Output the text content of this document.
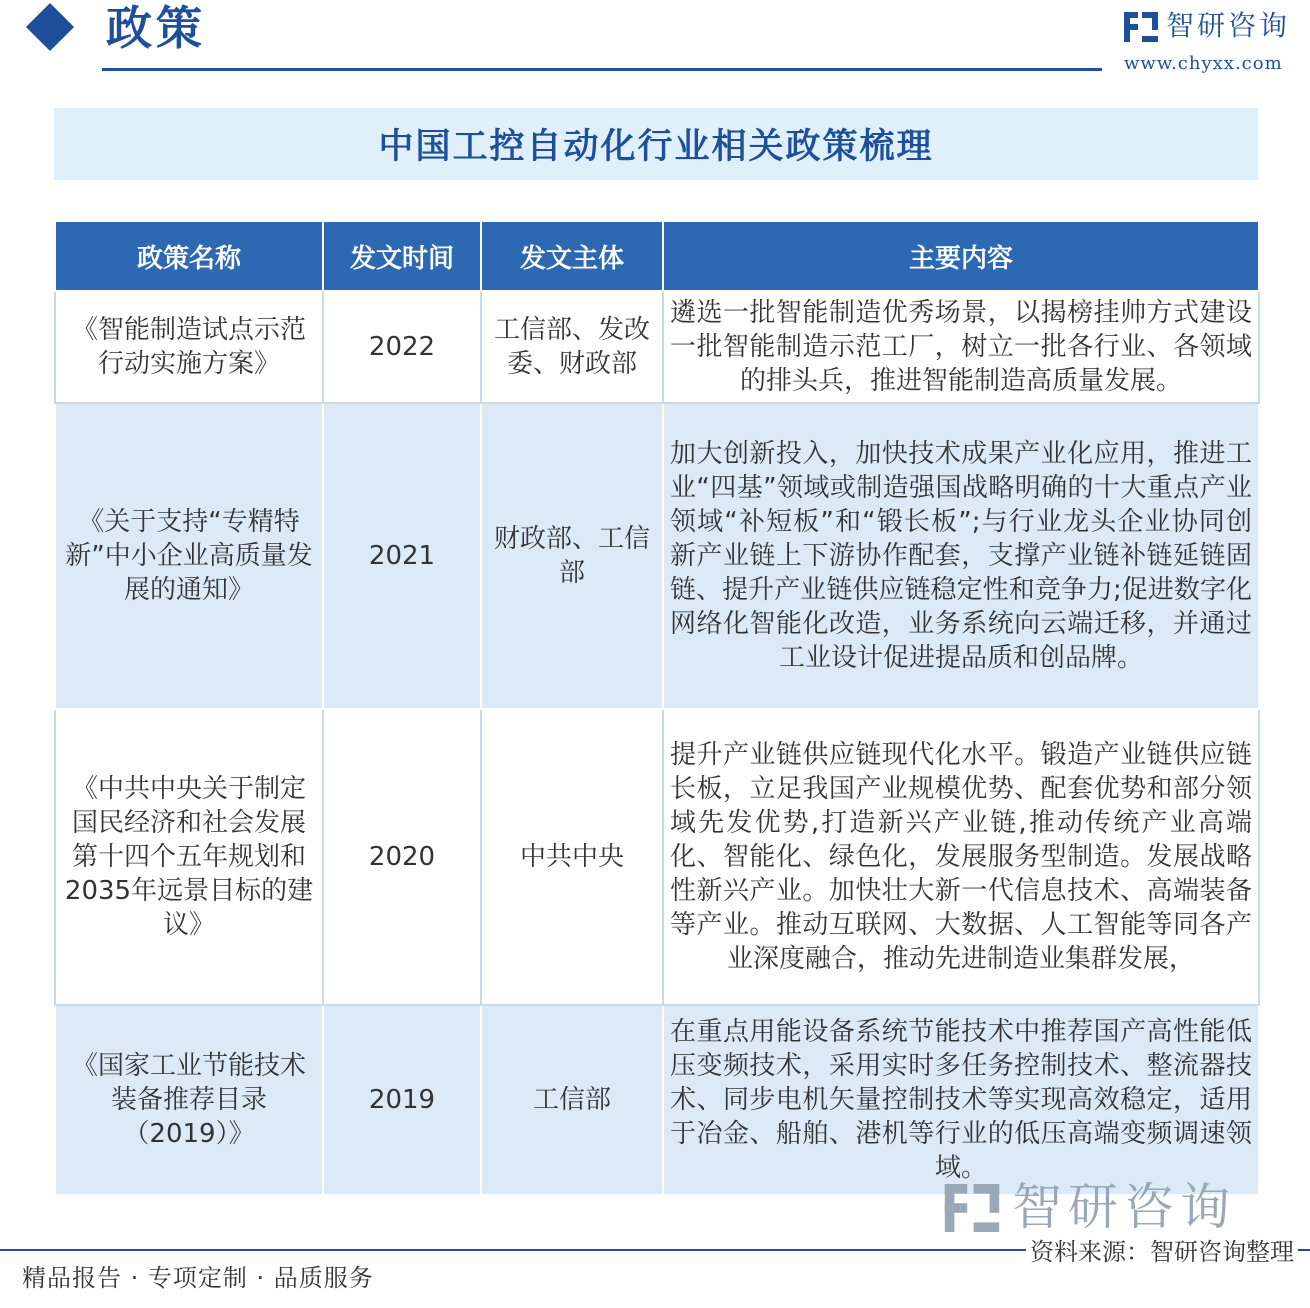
政策	智研咨询
www.chyxx.com
中国工控自动化行业相关政策梳理
政策名称	发文时间	发文主体	主要内容
《智能制造试点示范行动实施方案》	2022	工信部、发改委、财政部	遴选一批智能制造优秀场景，以揭榜挂帅方式建设一批智能制造示范工厂，树立一批各行业、各领域的排头兵，推进智能制造高质量发展。
《关于支持“专精特新”中小企业高质量发展的通知》	2021	财政部、工信部	加大创新投入，加快技术成果产业化应用，推进工业“四基”领域或制造强国战略明确的十大重点产业领域“补短板”和“锻长板”;与行业龙头企业协同创新产业链上下游协作配套，支撑产业链补链延链固链、提升产业链供应链稳定性和竞争力;促进数字化网络化智能化改造，业务系统向云端迁移，并通过工业设计促进提品质和创品牌。
《中共中央关于制定国民经济和社会发展第十四个五年规划和2035年远景目标的建议》	2020	中共中央	提升产业链供应链现代化水平。锻造产业链供应链长板，立足我国产业规模优势、配套优势和部分领域先发优势,打造新兴产业链,推动传统产业高端化、智能化、绿色化，发展服务型制造。发展战略性新兴产业。加快壮大新一代信息技术、高端装备等产业。推动互联网、大数据、人工智能等同各产业深度融合，推动先进制造业集群发展，
《国家工业节能技术装备推荐目录（2019）》	2019	工信部	在重点用能设备系统节能技术中推荐国产高性能低压变频技术，采用实时多任务控制技术、整流器技术、同步电机矢量控制技术等实现高效稳定，适用于冶金、船舶、港机等行业的低压高端变频调速领域。
智研咨询
资料来源：智研咨询整理
精品报告 · 专项定制 · 品质服务
